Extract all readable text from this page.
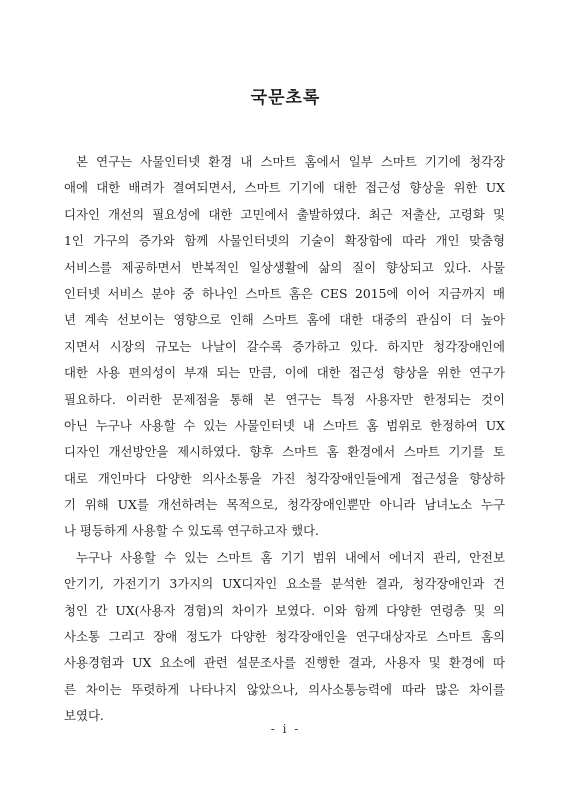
국문초록
본 연구는 사물인터넷 환경 내 스마트 홈에서 일부 스마트 기기에 청각장
애에 대한 배려가 결여되면서, 스마트 기기에 대한 접근성 향상을 위한 UX
디자인 개선의 필요성에 대한 고민에서 출발하였다. 최근 저출산, 고령화 및
1인 가구의 증가와 함께 사물인터넷의 기술이 확장함에 따라 개인 맞춤형
서비스를 제공하면서 반복적인 일상생활에 삶의 질이 향상되고 있다. 사물
인터넷 서비스 분야 중 하나인 스마트 홈은 CES 2015에 이어 지금까지 매
년 계속 선보이는 영향으로 인해 스마트 홈에 대한 대중의 관심이 더 높아
지면서 시장의 규모는 나날이 갈수록 증가하고 있다. 하지만 청각장애인에
대한 사용 편의성이 부재 되는 만큼, 이에 대한 접근성 향상을 위한 연구가
필요하다. 이러한 문제점을 통해 본 연구는 특정 사용자만 한정되는 것이
아닌 누구나 사용할 수 있는 사물인터넷 내 스마트 홈 범위로 한정하여 UX
디자인 개선방안을 제시하였다. 향후 스마트 홈 환경에서 스마트 기기를 토
대로 개인마다 다양한 의사소통을 가진 청각장애인들에게 접근성을 향상하
기 위해 UX를 개선하려는 목적으로, 청각장애인뿐만 아니라 남녀노소 누구
나 평등하게 사용할 수 있도록 연구하고자 했다.
누구나 사용할 수 있는 스마트 홈 기기 범위 내에서 에너지 관리, 안전보
안기기, 가전기기 3가지의 UX디자인 요소를 분석한 결과, 청각장애인과 건
청인 간 UX(사용자 경험)의 차이가 보였다. 이와 함께 다양한 연령층 및 의
사소통 그리고 장애 정도가 다양한 청각장애인을 연구대상자로 스마트 홈의
사용경험과 UX 요소에 관련 설문조사를 진행한 결과, 사용자 및 환경에 따
른 차이는 뚜렷하게 나타나지 않았으나, 의사소통능력에 따라 많은 차이를
보였다.
- i -
